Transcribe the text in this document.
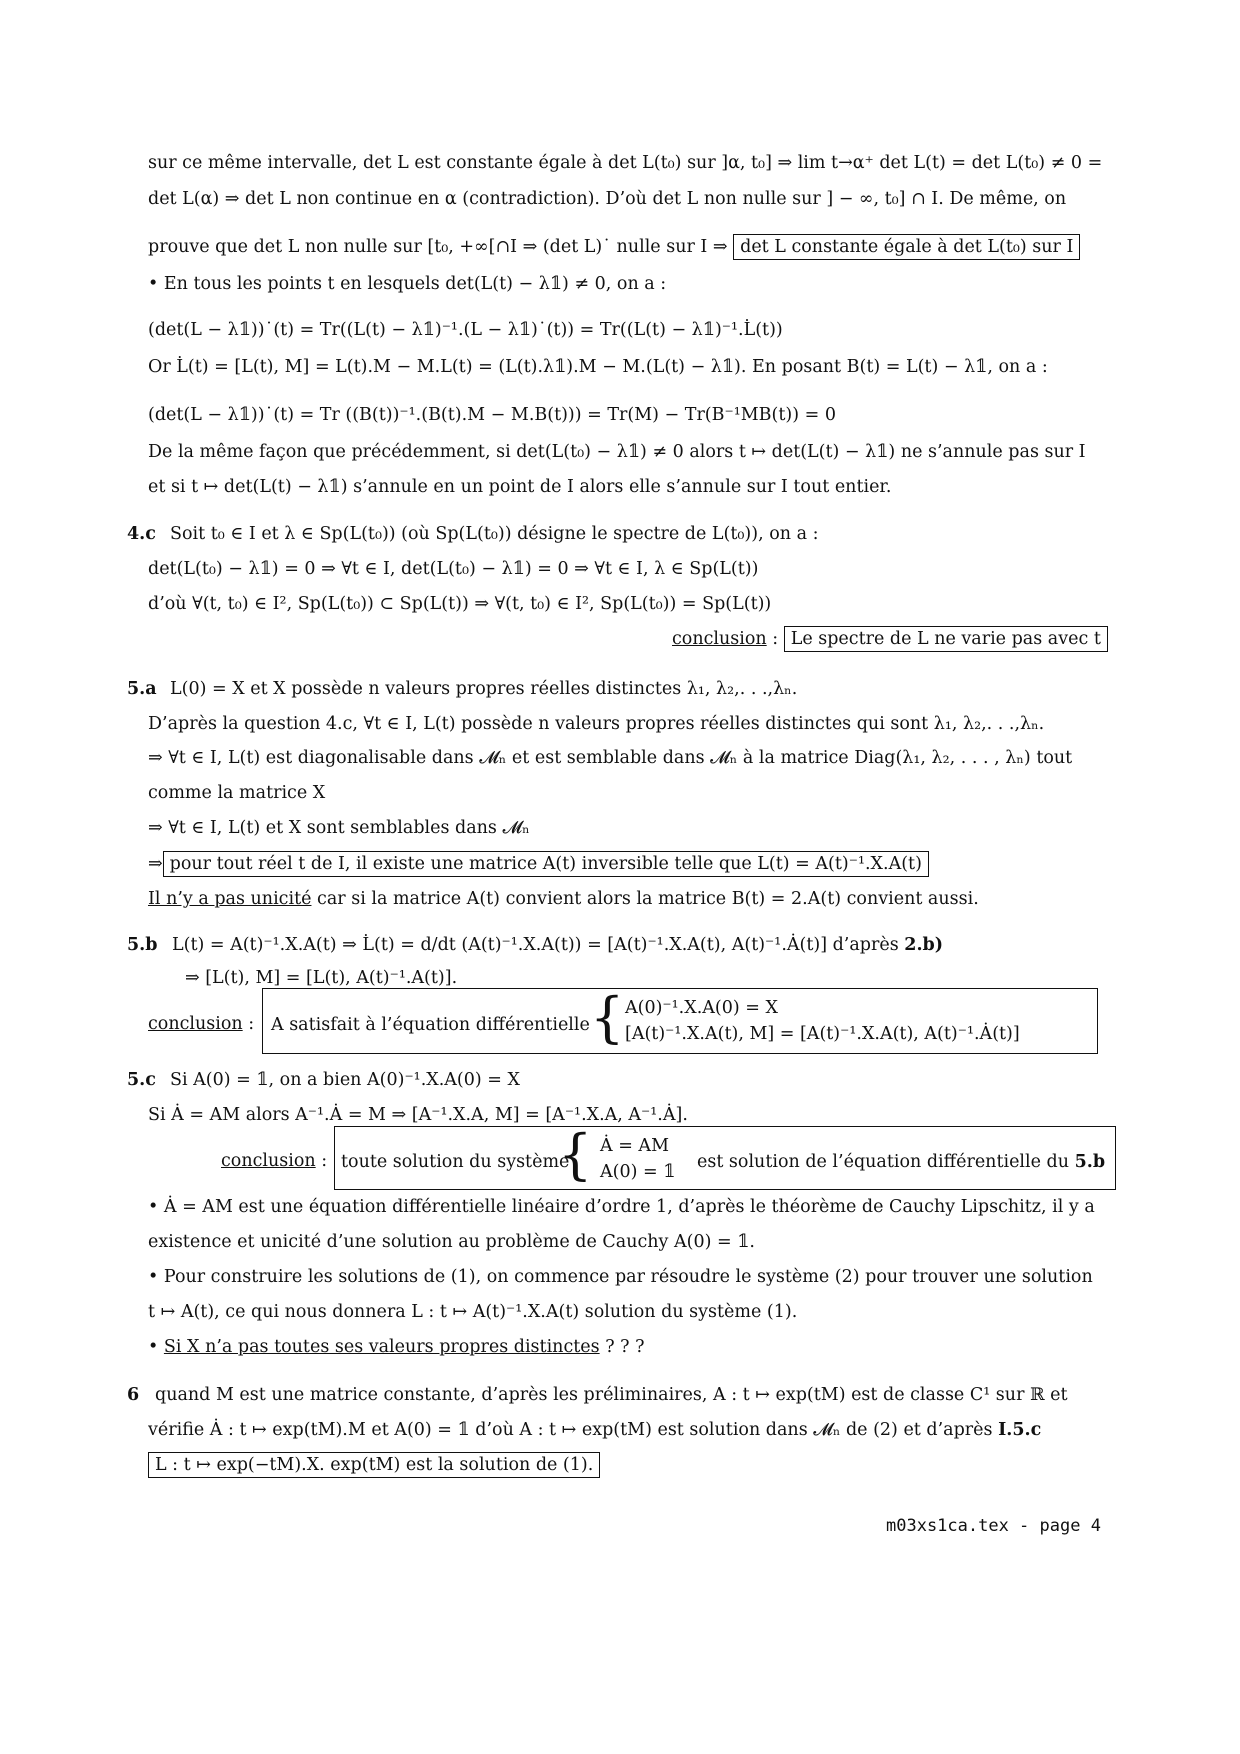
sur ce même intervalle, det L est constante égale à det L(t₀) sur ]α, t₀] ⇒ lim t→α⁺ det L(t) = det L(t₀) ≠ 0 =
det L(α) ⇒ det L non continue en α (contradiction). D’où det L non nulle sur ] − ∞, t₀] ∩ I. De même, on
prouve que det L non nulle sur [t₀, +∞[∩I ⇒ (det L)˙ nulle sur I ⇒ det L constante égale à det L(t₀) sur I
• En tous les points t en lesquels det(L(t) − λ𝟙) ≠ 0, on a :
(det(L − λ𝟙))˙(t) = Tr((L(t) − λ𝟙)⁻¹.(L − λ𝟙)˙(t)) = Tr((L(t) − λ𝟙)⁻¹.L̇(t))
Or L̇(t) = [L(t), M] = L(t).M − M.L(t) = (L(t).λ𝟙).M − M.(L(t) − λ𝟙). En posant B(t) = L(t) − λ𝟙, on a :
(det(L − λ𝟙))˙(t) = Tr ((B(t))⁻¹.(B(t).M − M.B(t))) = Tr(M) − Tr(B⁻¹MB(t)) = 0
De la même façon que précédemment, si det(L(t₀) − λ𝟙) ≠ 0 alors t ↦ det(L(t) − λ𝟙) ne s’annule pas sur I
et si t ↦ det(L(t) − λ𝟙) s’annule en un point de I alors elle s’annule sur I tout entier.
4.c Soit t₀ ∈ I et λ ∈ Sp(L(t₀)) (où Sp(L(t₀)) désigne le spectre de L(t₀)), on a :
det(L(t₀) − λ𝟙) = 0 ⇒ ∀t ∈ I, det(L(t₀) − λ𝟙) = 0 ⇒ ∀t ∈ I, λ ∈ Sp(L(t))
d’où ∀(t, t₀) ∈ I², Sp(L(t₀)) ⊂ Sp(L(t)) ⇒ ∀(t, t₀) ∈ I², Sp(L(t₀)) = Sp(L(t))
conclusion : Le spectre de L ne varie pas avec t
5.a L(0) = X et X possède n valeurs propres réelles distinctes λ₁, λ₂,. . .,λₙ.
D’après la question 4.c, ∀t ∈ I, L(t) possède n valeurs propres réelles distinctes qui sont λ₁, λ₂,. . .,λₙ.
⇒ ∀t ∈ I, L(t) est diagonalisable dans 𝓜ₙ et est semblable dans 𝓜ₙ à la matrice Diag(λ₁, λ₂, . . . , λₙ) tout
comme la matrice X
⇒ ∀t ∈ I, L(t) et X sont semblables dans 𝓜ₙ
⇒ pour tout réel t de I, il existe une matrice A(t) inversible telle que L(t) = A(t)⁻¹.X.A(t)
Il n’y a pas unicité car si la matrice A(t) convient alors la matrice B(t) = 2.A(t) convient aussi.
5.b L(t) = A(t)⁻¹.X.A(t) ⇒ L̇(t) = d/dt (A(t)⁻¹.X.A(t)) = [A(t)⁻¹.X.A(t), A(t)⁻¹.Ȧ(t)] d’après 2.b)
⇒ [L(t), M] = [L(t), A(t)⁻¹.A(t)].
conclusion : A satisfait à l’équation différentielle { A(0)⁻¹.X.A(0) = X
[A(t)⁻¹.X.A(t), M] = [A(t)⁻¹.X.A(t), A(t)⁻¹.Ȧ(t)]
5.c Si A(0) = 𝟙, on a bien A(0)⁻¹.X.A(0) = X
Si Ȧ = AM alors A⁻¹.Ȧ = M ⇒ [A⁻¹.X.A, M] = [A⁻¹.X.A, A⁻¹.Ȧ].
conclusion : toute solution du système
{ Ȧ = AM
A(0) = 𝟙 est solution de l’équation différentielle du 5.b
• Ȧ = AM est une équation différentielle linéaire d’ordre 1, d’après le théorème de Cauchy Lipschitz, il y a
existence et unicité d’une solution au problème de Cauchy A(0) = 𝟙.
• Pour construire les solutions de (1), on commence par résoudre le système (2) pour trouver une solution
t ↦ A(t), ce qui nous donnera L : t ↦ A(t)⁻¹.X.A(t) solution du système (1).
• Si X n’a pas toutes ses valeurs propres distinctes ? ? ?
6 quand M est une matrice constante, d’après les préliminaires, A : t ↦ exp(tM) est de classe C¹ sur ℝ et
vérifie Ȧ : t ↦ exp(tM).M et A(0) = 𝟙 d’où A : t ↦ exp(tM) est solution dans 𝓜ₙ de (2) et d’après I.5.c
L : t ↦ exp(−tM).X. exp(tM) est la solution de (1).
m03xs1ca.tex - page 4
